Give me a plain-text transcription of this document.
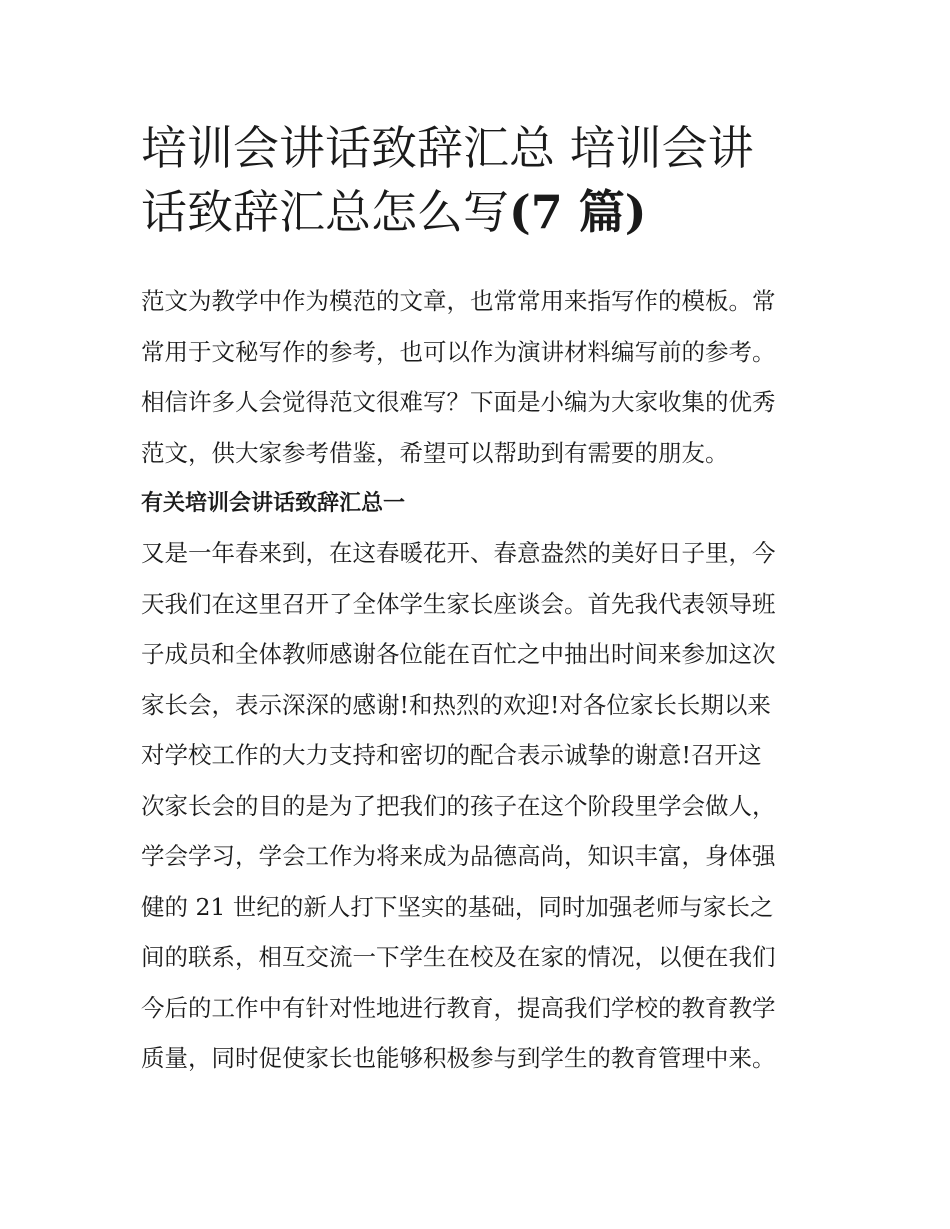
培训会讲话致辞汇总 培训会讲
话致辞汇总怎么写(7 篇)
范文为教学中作为模范的文章，也常常用来指写作的模板。常
常用于文秘写作的参考，也可以作为演讲材料编写前的参考。
相信许多人会觉得范文很难写？下面是小编为大家收集的优秀
范文，供大家参考借鉴，希望可以帮助到有需要的朋友。
有关培训会讲话致辞汇总一
又是一年春来到，在这春暖花开、春意盎然的美好日子里，今
天我们在这里召开了全体学生家长座谈会。首先我代表领导班
子成员和全体教师感谢各位能在百忙之中抽出时间来参加这次
家长会，表示深深的感谢!和热烈的欢迎!对各位家长长期以来
对学校工作的大力支持和密切的配合表示诚挚的谢意!召开这
次家长会的目的是为了把我们的孩子在这个阶段里学会做人，
学会学习，学会工作为将来成为品德高尚，知识丰富，身体强
健的 21 世纪的新人打下坚实的基础，同时加强老师与家长之
间的联系，相互交流一下学生在校及在家的情况，以便在我们
今后的工作中有针对性地进行教育，提高我们学校的教育教学
质量，同时促使家长也能够积极参与到学生的教育管理中来。
